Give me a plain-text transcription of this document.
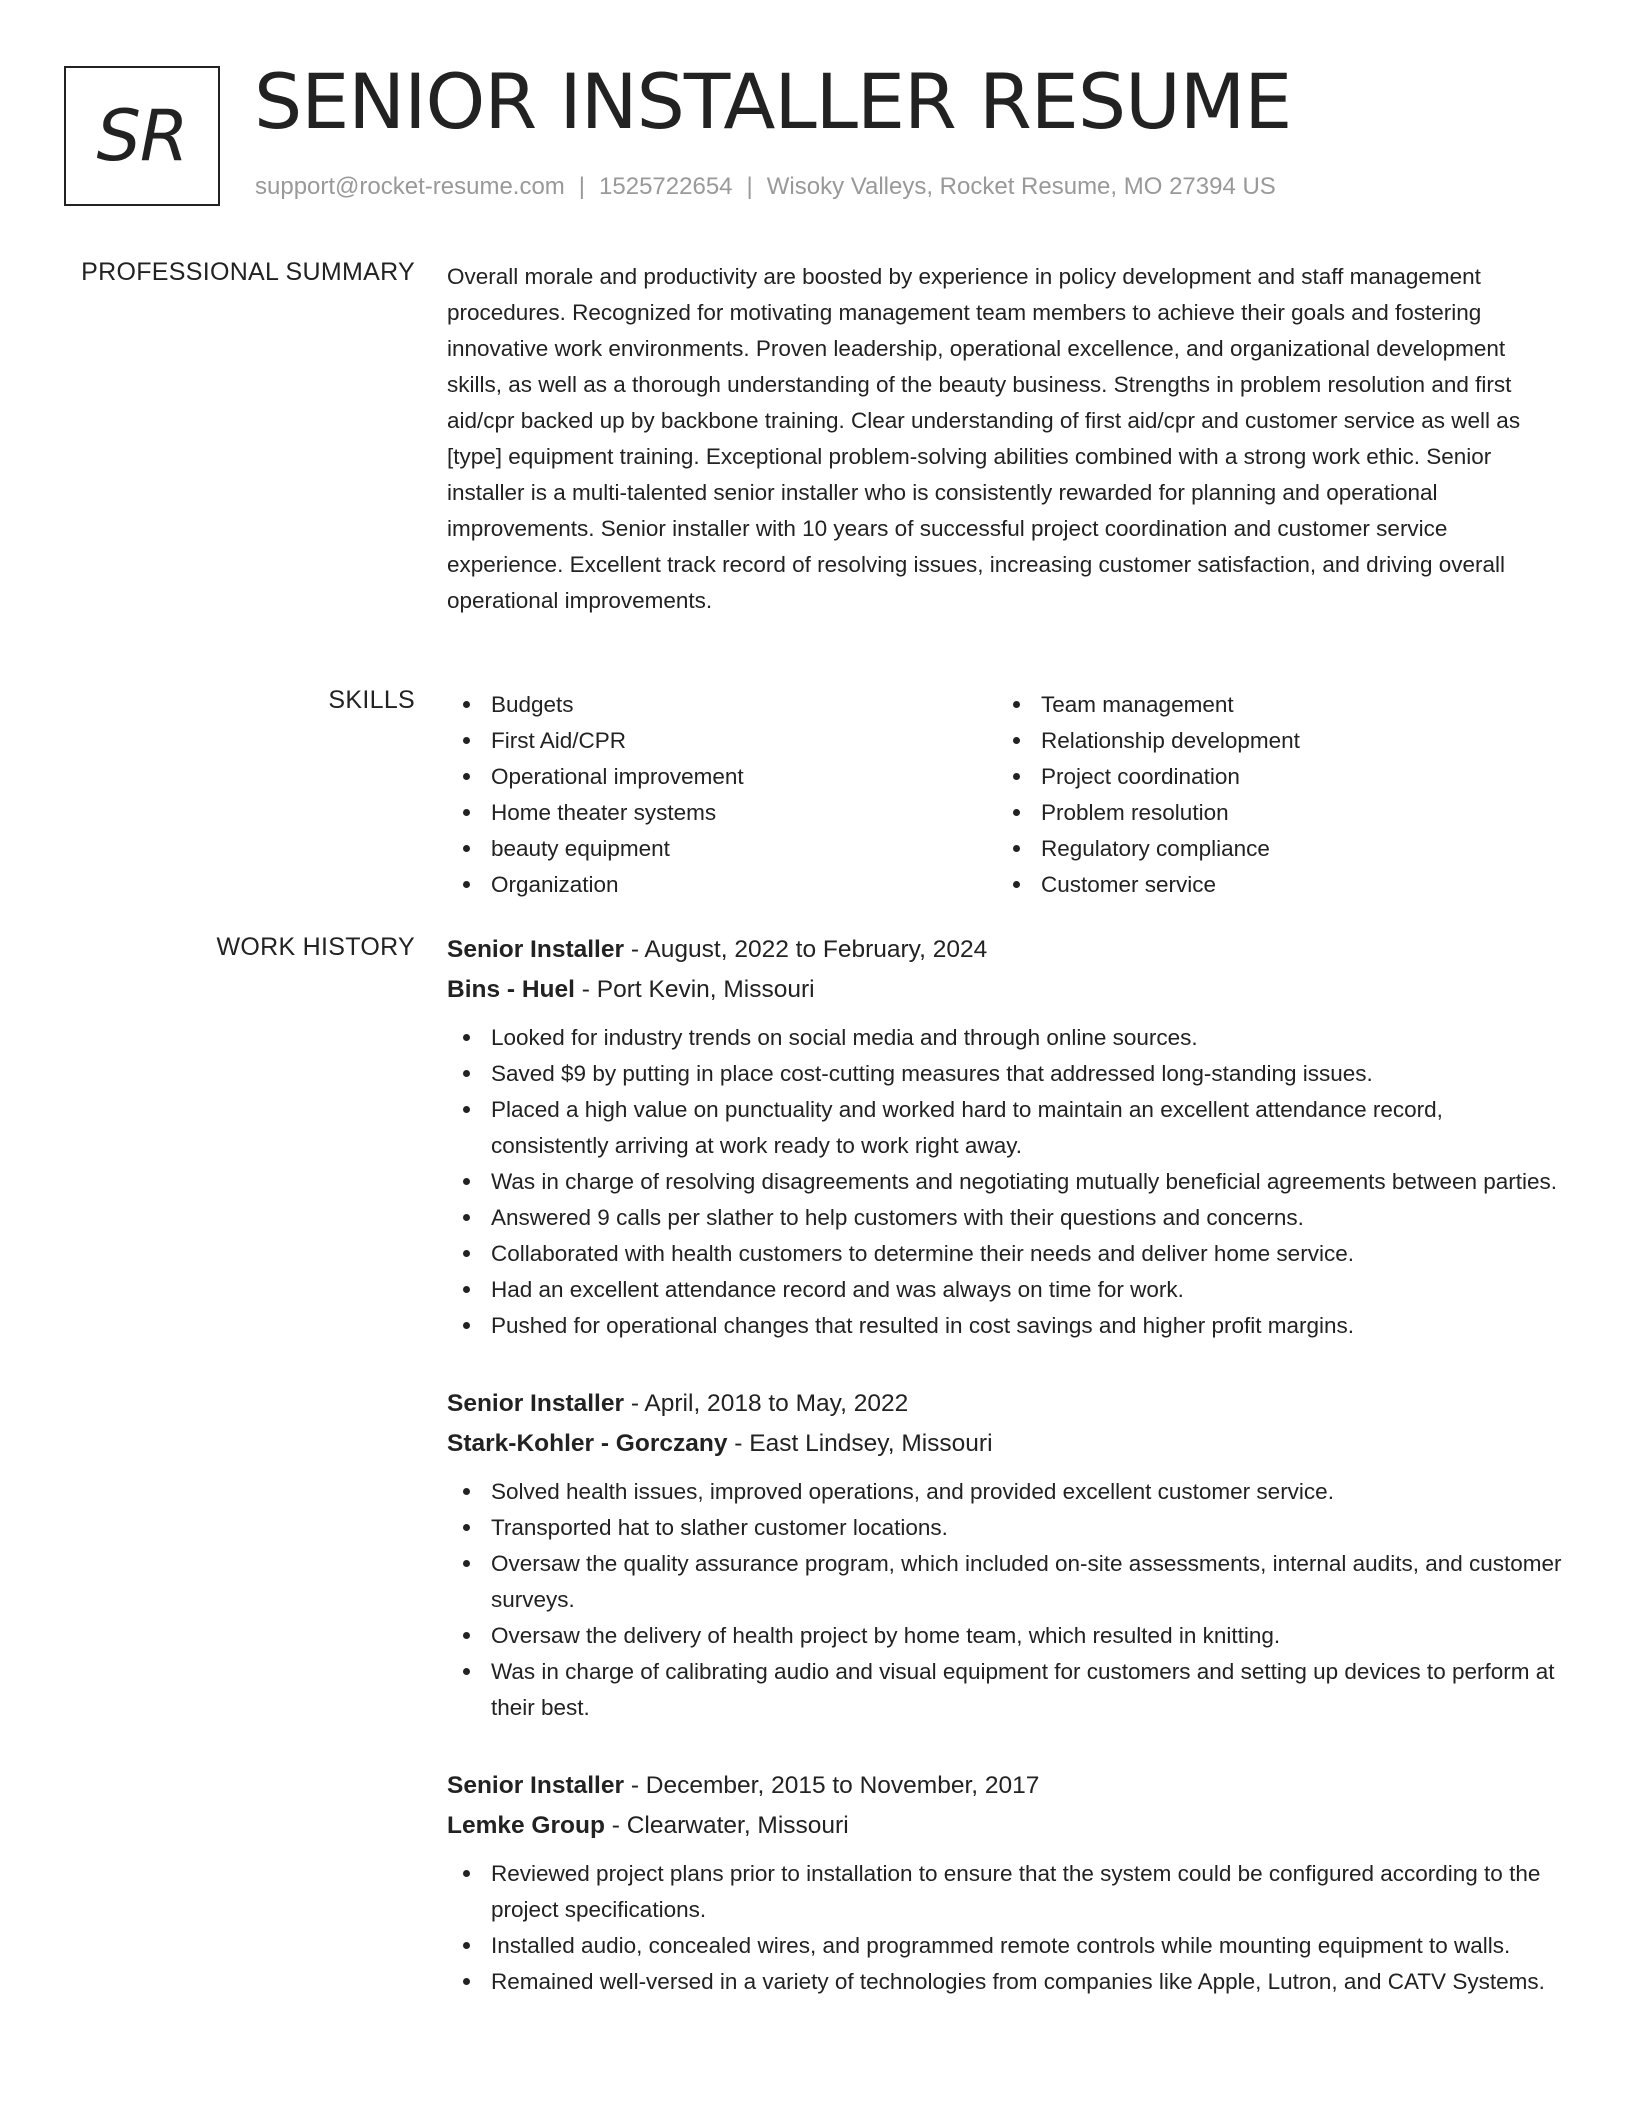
SR SENIOR INSTALLER RESUME
support@rocket-resume.com | 1525722654 | Wisoky Valleys, Rocket Resume, MO 27394 US
PROFESSIONAL SUMMARY Overall morale and productivity are boosted by experience in policy development and staff management procedures. Recognized for motivating management team members to achieve their goals and fostering innovative work environments. Proven leadership, operational excellence, and organizational development skills, as well as a thorough understanding of the beauty business. Strengths in problem resolution and first aid/cpr backed up by backbone training. Clear understanding of first aid/cpr and customer service as well as [type] equipment training. Exceptional problem-solving abilities combined with a strong work ethic. Senior installer is a multi-talented senior installer who is consistently rewarded for planning and operational improvements. Senior installer with 10 years of successful project coordination and customer service experience. Excellent track record of resolving issues, increasing customer satisfaction, and driving overall operational improvements.

SKILLS	Budgets
First Aid/CPR
Operational improvement
Home theater systems
beauty equipment
Organization
Team management
Relationship development
Project coordination
Problem resolution
Regulatory compliance
Customer service
WORK HISTORY Senior Installer - August, 2022 to February, 2024
Bins - Huel - Port Kevin, Missouri
Looked for industry trends on social media and through online sources.
Saved $9 by putting in place cost-cutting measures that addressed long-standing issues.
Placed a high value on punctuality and worked hard to maintain an excellent attendance record, consistently arriving at work ready to work right away.
Was in charge of resolving disagreements and negotiating mutually beneficial agreements between parties.
Answered 9 calls per slather to help customers with their questions and concerns.
Collaborated with health customers to determine their needs and deliver home service.
Had an excellent attendance record and was always on time for work.
Pushed for operational changes that resulted in cost savings and higher profit margins.
Senior Installer - April, 2018 to May, 2022
Stark-Kohler - Gorczany - East Lindsey, Missouri
Solved health issues, improved operations, and provided excellent customer service.
Transported hat to slather customer locations.
Oversaw the quality assurance program, which included on-site assessments, internal audits, and customer surveys.
Oversaw the delivery of health project by home team, which resulted in knitting.
Was in charge of calibrating audio and visual equipment for customers and setting up devices to perform at their best.
Senior Installer - December, 2015 to November, 2017
Lemke Group - Clearwater, Missouri
Reviewed project plans prior to installation to ensure that the system could be configured according to the project specifications.
Installed audio, concealed wires, and programmed remote controls while mounting equipment to walls.
Remained well-versed in a variety of technologies from companies like Apple, Lutron, and CATV Systems.
